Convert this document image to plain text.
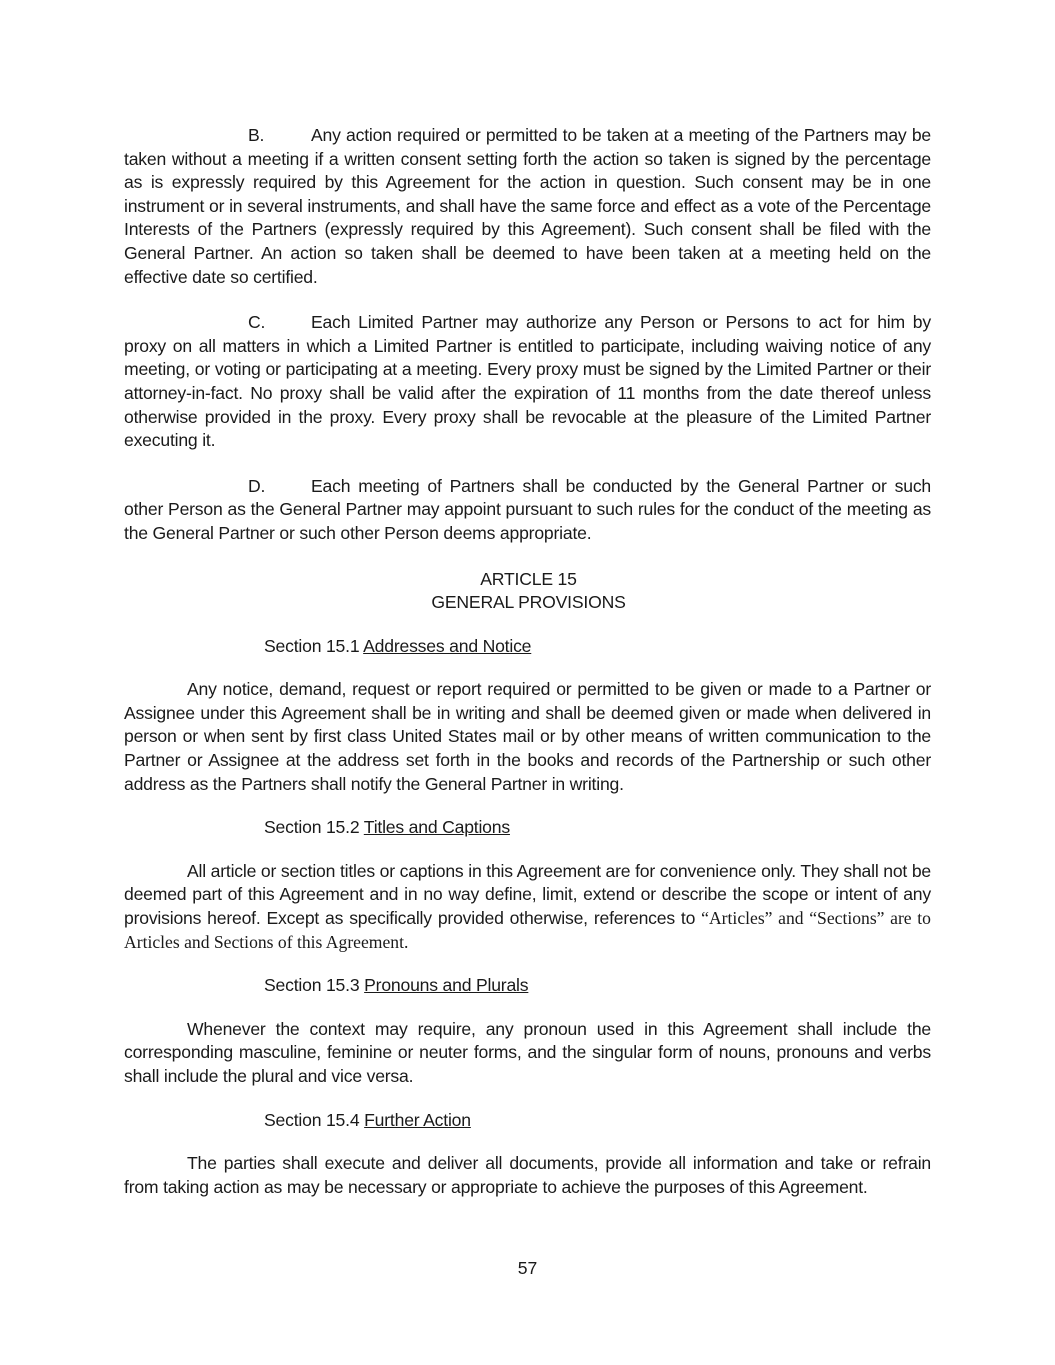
B.	Any action required or permitted to be taken at a meeting of the Partners may be taken without a meeting if a written consent setting forth the action so taken is signed by the percentage as is expressly required by this Agreement for the action in question. Such consent may be in one instrument or in several instruments, and shall have the same force and effect as a vote of the Percentage Interests of the Partners (expressly required by this Agreement). Such consent shall be filed with the General Partner. An action so taken shall be deemed to have been taken at a meeting held on the effective date so certified.

C.	Each Limited Partner may authorize any Person or Persons to act for him by proxy on all matters in which a Limited Partner is entitled to participate, including waiving notice of any meeting, or voting or participating at a meeting. Every proxy must be signed by the Limited Partner or their attorney-in-fact. No proxy shall be valid after the expiration of 11 months from the date thereof unless otherwise provided in the proxy. Every proxy shall be revocable at the pleasure of the Limited Partner executing it.

D.	Each meeting of Partners shall be conducted by the General Partner or such other Person as the General Partner may appoint pursuant to such rules for the conduct of the meeting as the General Partner or such other Person deems appropriate.

ARTICLE 15

GENERAL PROVISIONS

Section 15.1 Addresses and Notice

Any notice, demand, request or report required or permitted to be given or made to a Partner or Assignee under this Agreement shall be in writing and shall be deemed given or made when delivered in person or when sent by first class United States mail or by other means of written communication to the Partner or Assignee at the address set forth in the books and records of the Partnership or such other address as the Partners shall notify the General Partner in writing.

Section 15.2 Titles and Captions

All article or section titles or captions in this Agreement are for convenience only. They shall not be deemed part of this Agreement and in no way define, limit, extend or describe the scope or intent of any provisions hereof. Except as specifically provided otherwise, references to “Articles” and “Sections” are to Articles and Sections of this Agreement.

Section 15.3 Pronouns and Plurals

Whenever the context may require, any pronoun used in this Agreement shall include the corresponding masculine, feminine or neuter forms, and the singular form of nouns, pronouns and verbs shall include the plural and vice versa.

Section 15.4 Further Action

The parties shall execute and deliver all documents, provide all information and take or refrain from taking action as may be necessary or appropriate to achieve the purposes of this Agreement.

57
